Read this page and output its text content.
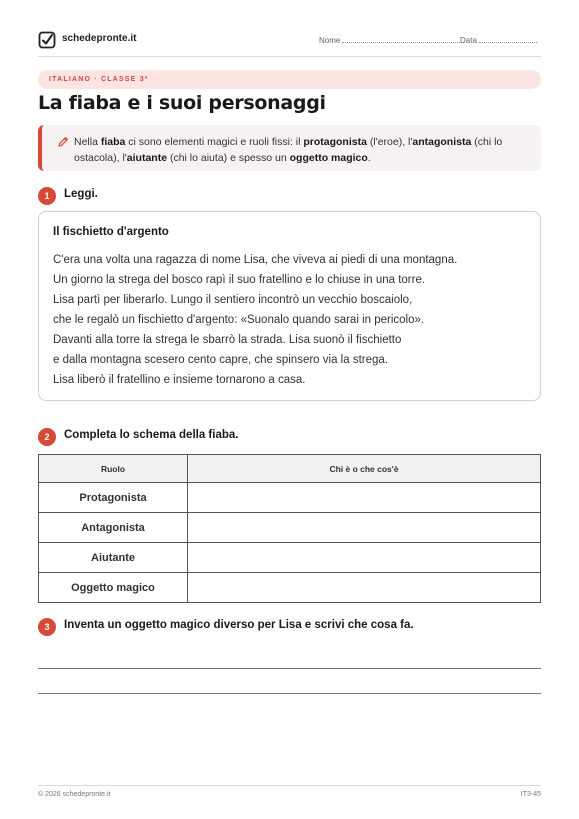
schedepronte.it	Nome	Data
ITALIANO · CLASSE 3ª
La fiaba e i suoi personaggi
Nella fiaba ci sono elementi magici e ruoli fissi: il protagonista (l'eroe), l'antagonista (chi lo ostacola), l'aiutante (chi lo aiuta) e spesso un oggetto magico.
1	Leggi.
Il fischietto d'argento
C'era una volta una ragazza di nome Lisa, che viveva ai piedi di una montagna.
Un giorno la strega del bosco rapì il suo fratellino e lo chiuse in una torre.
Lisa partì per liberarlo. Lungo il sentiero incontrò un vecchio boscaiolo,
che le regalò un fischietto d'argento: «Suonalo quando sarai in pericolo».
Davanti alla torre la strega le sbarrò la strada. Lisa suonò il fischietto
e dalla montagna scesero cento capre, che spinsero via la strega.
Lisa liberò il fratellino e insieme tornarono a casa.
2	Completa lo schema della fiaba.
Ruolo	Chi è o che cos'è
Protagonista	
Antagonista	
Aiutante	
Oggetto magico	
3	Inventa un oggetto magico diverso per Lisa e scrivi che cosa fa.
© 2026 schedepronte.it	IT3-45
